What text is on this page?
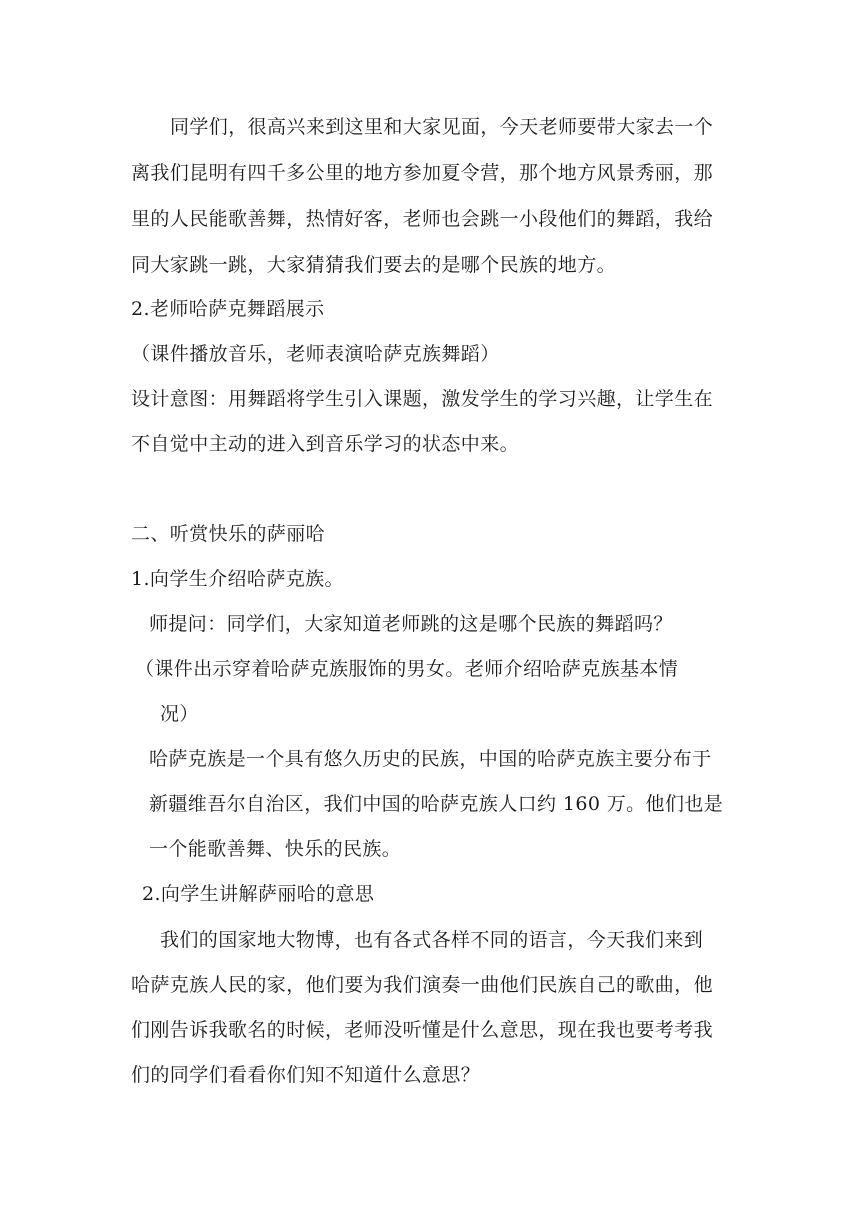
同学们，很高兴来到这里和大家见面，今天老师要带大家去一个
离我们昆明有四千多公里的地方参加夏令营，那个地方风景秀丽，那
里的人民能歌善舞，热情好客，老师也会跳一小段他们的舞蹈，我给
同大家跳一跳，大家猜猜我们要去的是哪个民族的地方。
2.老师哈萨克舞蹈展示
（课件播放音乐，老师表演哈萨克族舞蹈）
设计意图：用舞蹈将学生引入课题，激发学生的学习兴趣，让学生在
不自觉中主动的进入到音乐学习的状态中来。
二、听赏快乐的萨丽哈
1.向学生介绍哈萨克族。
师提问：同学们，大家知道老师跳的这是哪个民族的舞蹈吗？
（课件出示穿着哈萨克族服饰的男女。老师介绍哈萨克族基本情
况）
哈萨克族是一个具有悠久历史的民族，中国的哈萨克族主要分布于
新疆维吾尔自治区，我们中国的哈萨克族人口约 160 万。他们也是
一个能歌善舞、快乐的民族。
2.向学生讲解萨丽哈的意思
我们的国家地大物博，也有各式各样不同的语言，今天我们来到
哈萨克族人民的家，他们要为我们演奏一曲他们民族自己的歌曲，他
们刚告诉我歌名的时候，老师没听懂是什么意思，现在我也要考考我
们的同学们看看你们知不知道什么意思？
